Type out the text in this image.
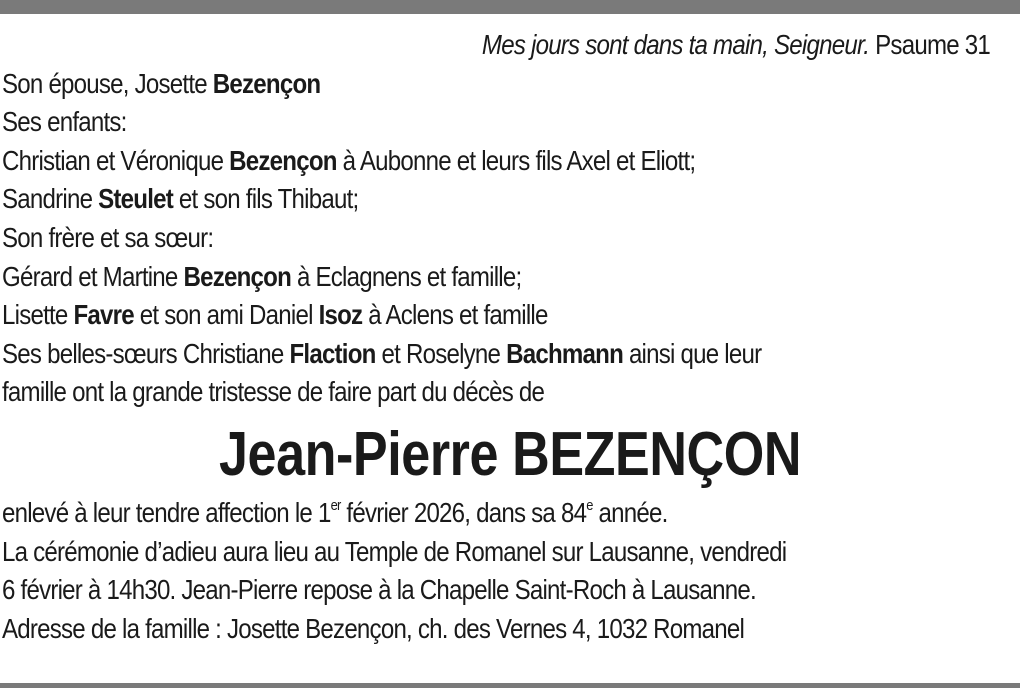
Mes jours sont dans ta main, Seigneur. Psaume 31
Son épouse, Josette Bezençon
Ses enfants:
Christian et Véronique Bezençon à Aubonne et leurs fils Axel et Eliott;
Sandrine Steulet et son fils Thibaut;
Son frère et sa sœur:
Gérard et Martine Bezençon à Eclagnens et famille;
Lisette Favre et son ami Daniel Isoz à Aclens et famille
Ses belles-sœurs Christiane Flaction et Roselyne Bachmann ainsi que leur
famille ont la grande tristesse de faire part du décès de
Jean-Pierre BEZENÇON
enlevé à leur tendre affection le 1er février 2026, dans sa 84e année.
La cérémonie d’adieu aura lieu au Temple de Romanel sur Lausanne, vendredi
6 février à 14h30. Jean-Pierre repose à la Chapelle Saint-Roch à Lausanne.
Adresse de la famille : Josette Bezençon, ch. des Vernes 4, 1032 Romanel
